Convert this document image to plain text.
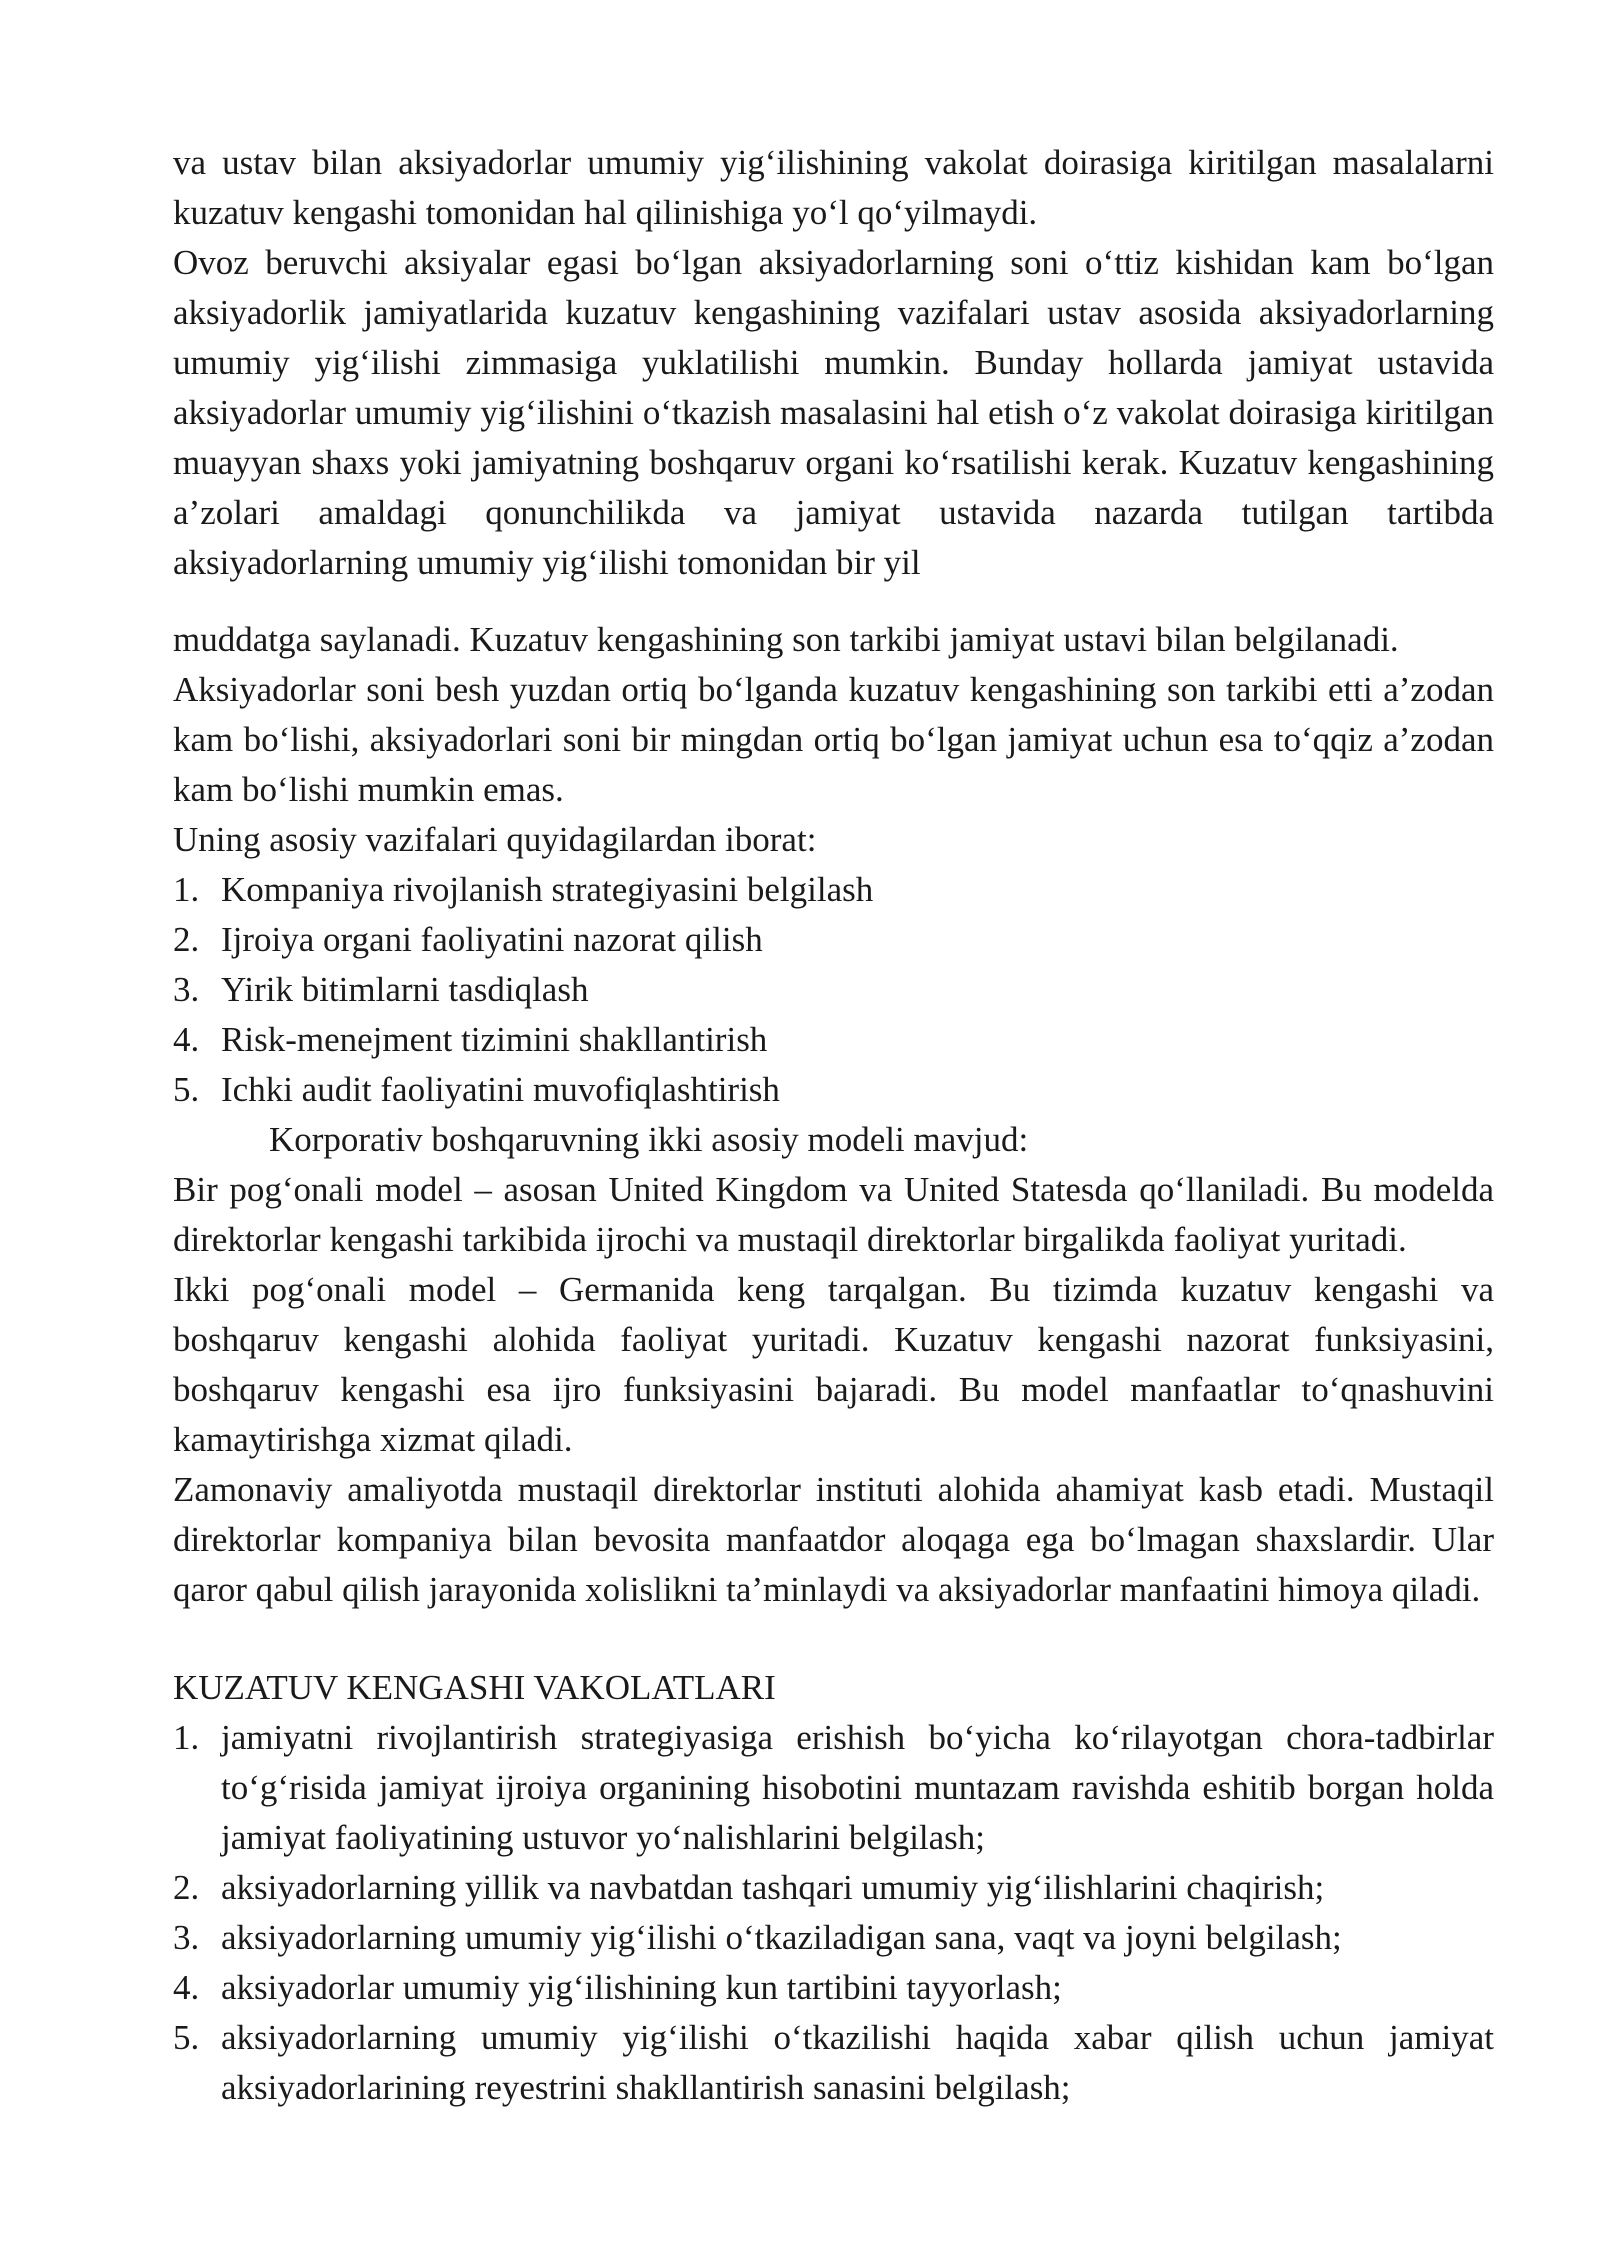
va ustav bilan aksiyadorlar umumiy yig‘ilishining vakolat doirasiga kiritilgan masalalarni kuzatuv kengashi tomonidan hal qilinishiga yo‘l qo‘yilmaydi.

Ovoz beruvchi aksiyalar egasi bo‘lgan aksiyadorlarning soni o‘ttiz kishidan kam bo‘lgan aksiyadorlik jamiyatlarida kuzatuv kengashining vazifalari ustav asosida aksiyadorlarning umumiy yig‘ilishi zimmasiga yuklatilishi mumkin. Bunday hollarda jamiyat ustavida aksiyadorlar umumiy yig‘ilishini o‘tkazish masalasini hal etish o‘z vakolat doirasiga kiritilgan muayyan shaxs yoki jamiyatning boshqaruv organi ko‘rsatilishi kerak. Kuzatuv kengashining a’zolari amaldagi qonunchilikda va jamiyat ustavida nazarda tutilgan tartibda aksiyadorlarning umumiy yig‘ilishi tomonidan bir yil

muddatga saylanadi. Kuzatuv kengashining son tarkibi jamiyat ustavi bilan belgilanadi.

Aksiyadorlar soni besh yuzdan ortiq bo‘lganda kuzatuv kengashining son tarkibi etti a’zodan kam bo‘lishi, aksiyadorlari soni bir mingdan ortiq bo‘lgan jamiyat uchun esa to‘qqiz a’zodan kam bo‘lishi mumkin emas.

Uning asosiy vazifalari quyidagilardan iborat:

1. Kompaniya rivojlanish strategiyasini belgilash
2. Ijroiya organi faoliyatini nazorat qilish
3. Yirik bitimlarni tasdiqlash
4. Risk-menejment tizimini shakllantirish
5. Ichki audit faoliyatini muvofiqlashtirish

Korporativ boshqaruvning ikki asosiy modeli mavjud:

Bir pog‘onali model – asosan United Kingdom va United Statesda qo‘llaniladi. Bu modelda direktorlar kengashi tarkibida ijrochi va mustaqil direktorlar birgalikda faoliyat yuritadi.

Ikki pog‘onali model – Germanida keng tarqalgan. Bu tizimda kuzatuv kengashi va boshqaruv kengashi alohida faoliyat yuritadi. Kuzatuv kengashi nazorat funksiyasini, boshqaruv kengashi esa ijro funksiyasini bajaradi. Bu model manfaatlar to‘qnashuvini kamaytirishga xizmat qiladi.

Zamonaviy amaliyotda mustaqil direktorlar instituti alohida ahamiyat kasb etadi. Mustaqil direktorlar kompaniya bilan bevosita manfaatdor aloqaga ega bo‘lmagan shaxslardir. Ular qaror qabul qilish jarayonida xolislikni ta’minlaydi va aksiyadorlar manfaatini himoya qiladi.

KUZATUV KENGASHI VAKOLATLARI
1. jamiyatni rivojlantirish strategiyasiga erishish bo‘yicha ko‘rilayotgan chora-tadbirlar to‘g‘risida jamiyat ijroiya organining hisobotini muntazam ravishda eshitib borgan holda jamiyat faoliyatining ustuvor yo‘nalishlarini belgilash;
2. aksiyadorlarning yillik va navbatdan tashqari umumiy yig‘ilishlarini chaqirish;
3. aksiyadorlarning umumiy yig‘ilishi o‘tkaziladigan sana, vaqt va joyni belgilash;
4. aksiyadorlar umumiy yig‘ilishining kun tartibini tayyorlash;
5. aksiyadorlarning umumiy yig‘ilishi o‘tkazilishi haqida xabar qilish uchun jamiyat aksiyadorlarining reyestrini shakllantirish sanasini belgilash;
